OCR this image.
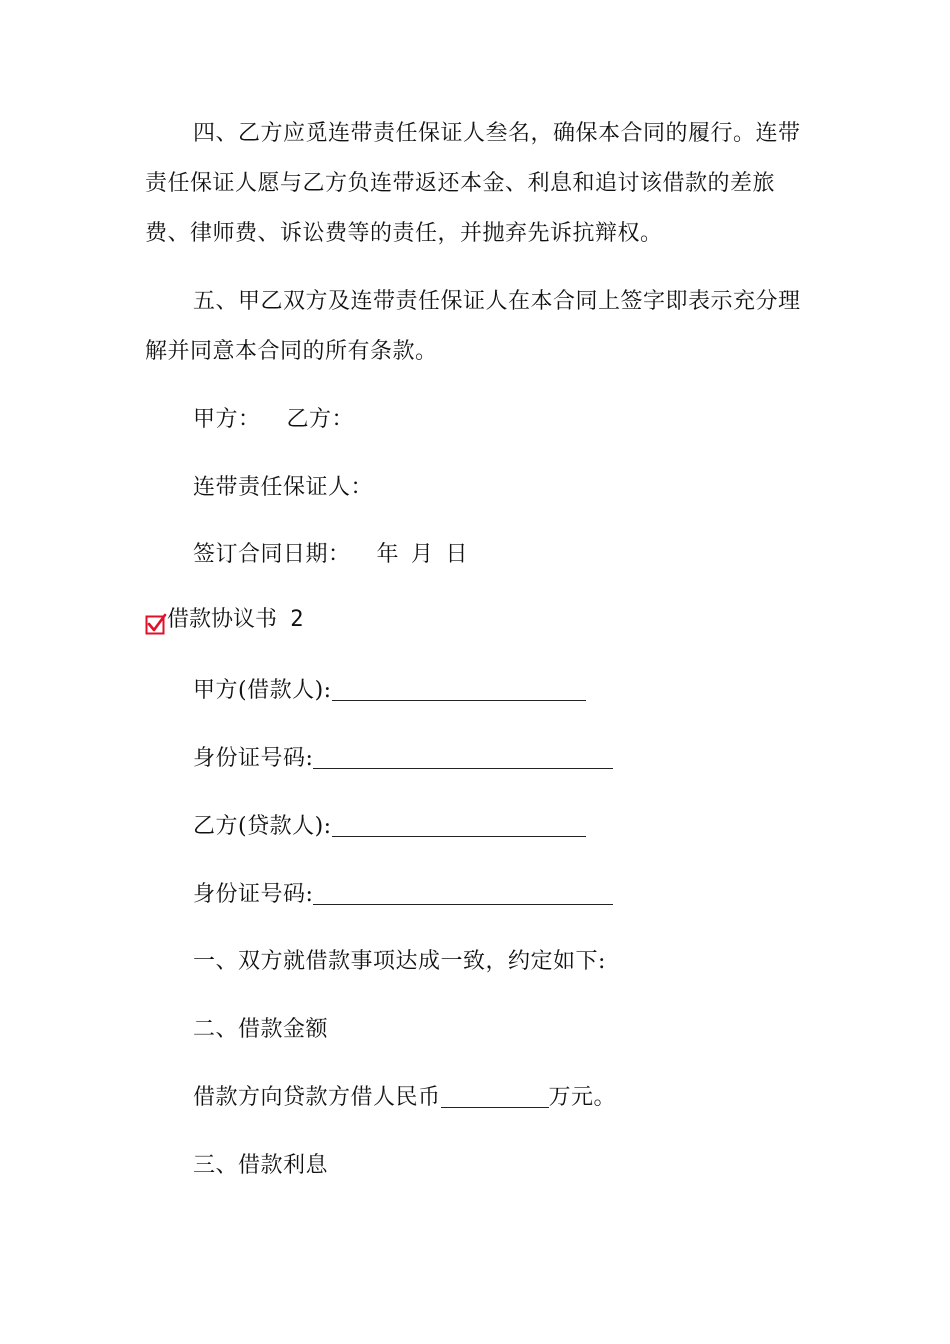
四、乙方应觅连带责任保证人叁名，确保本合同的履行。连带责任保证人愿与乙方负连带返还本金、利息和追讨该借款的差旅费、律师费、诉讼费等的责任，并抛弃先诉抗辩权。
五、甲乙双方及连带责任保证人在本合同上签字即表示充分理解并同意本合同的所有条款。
甲方： 乙方：
连带责任保证人：
签订合同日期： 年 月 日
借款协议书 2
甲方(借款人):
身份证号码:
乙方(贷款人):
身份证号码:
一、双方就借款事项达成一致，约定如下:
二、借款金额
借款方向贷款方借人民币	万元。
三、借款利息
